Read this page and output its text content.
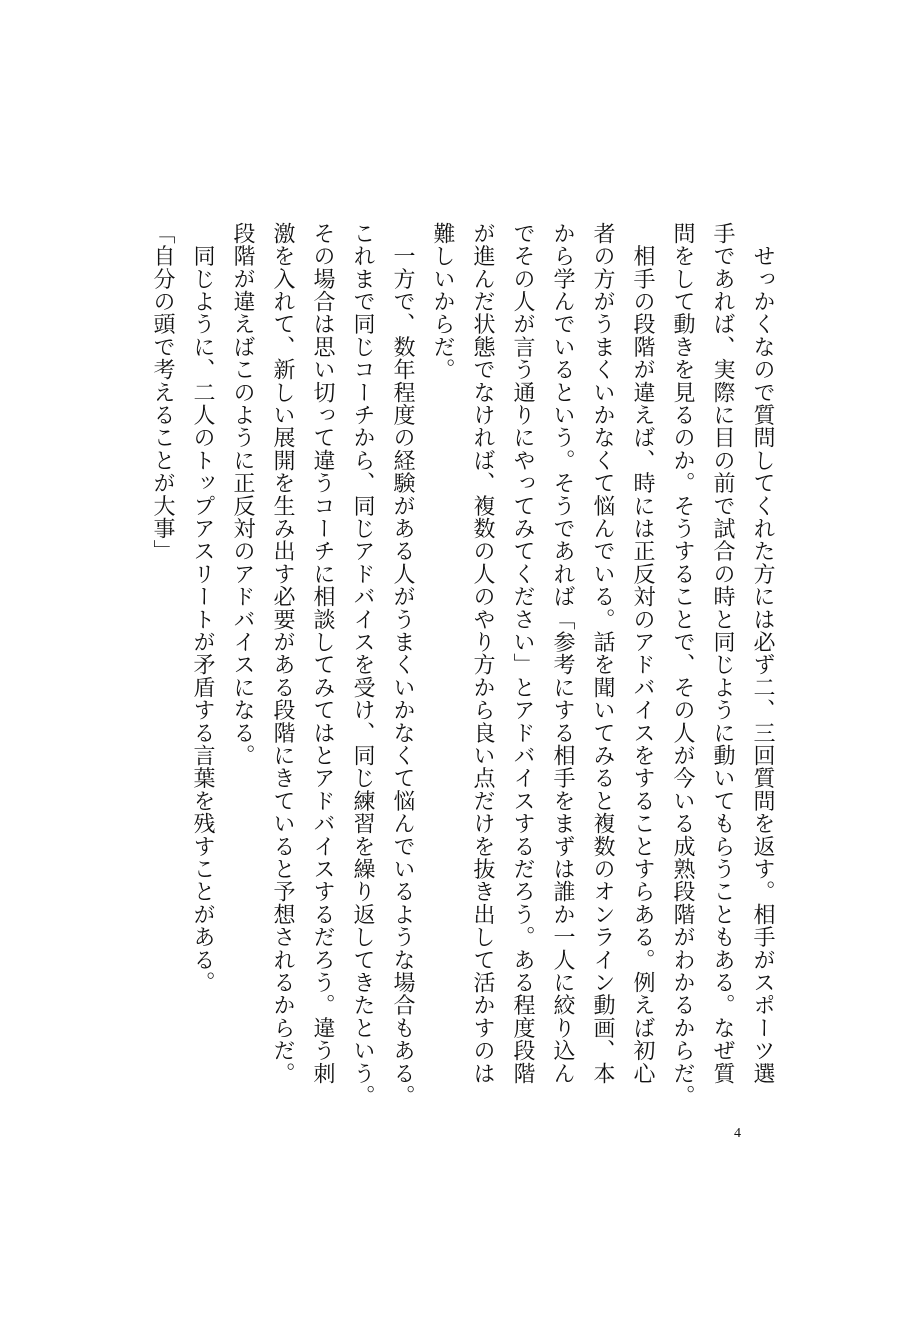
　せっかくなので質問してくれた方には必ず二、三回質問を返す。相手がスポーツ選
手であれば、実際に目の前で試合の時と同じように動いてもらうこともある。なぜ質
問をして動きを見るのか。そうすることで、その人が今いる成熟段階がわかるからだ。
　相手の段階が違えば、時には正反対のアドバイスをすることすらある。例えば初心
者の方がうまくいかなくて悩んでいる。話を聞いてみると複数のオンライン動画、本
から学んでいるという。そうであれば「参考にする相手をまずは誰か一人に絞り込ん
でその人が言う通りにやってみてください」とアドバイスするだろう。ある程度段階
が進んだ状態でなければ、複数の人のやり方から良い点だけを抜き出して活かすのは
難しいからだ。
　一方で、数年程度の経験がある人がうまくいかなくて悩んでいるような場合もある。
これまで同じコーチから、同じアドバイスを受け、同じ練習を繰り返してきたという。
その場合は思い切って違うコーチに相談してみてはとアドバイスするだろう。違う刺
激を入れて、新しい展開を生み出す必要がある段階にきていると予想されるからだ。
段階が違えばこのように正反対のアドバイスになる。
　同じように、二人のトップアスリートが矛盾する言葉を残すことがある。
「自分の頭で考えることが大事」
4
